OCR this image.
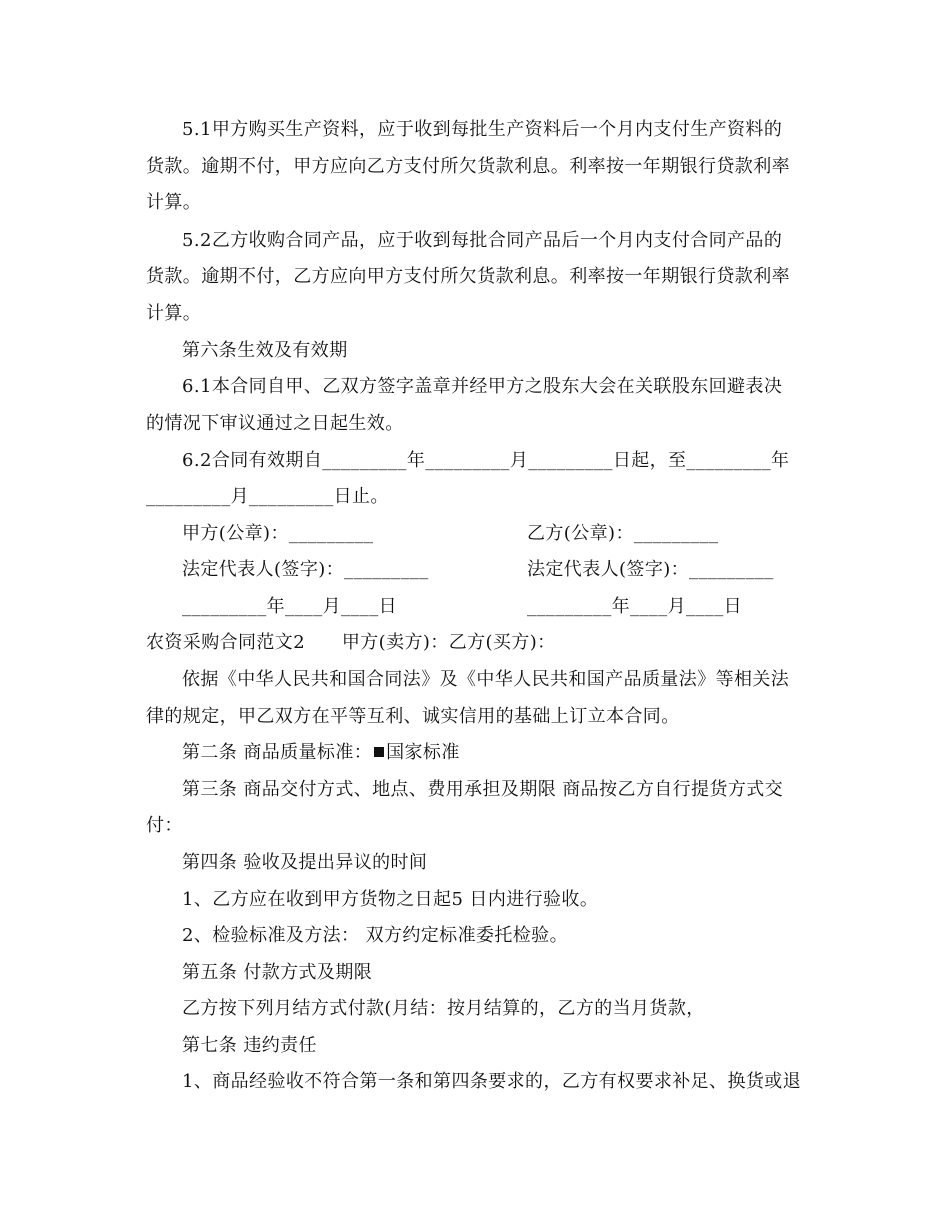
5.1甲方购买生产资料，应于收到每批生产资料后一个月内支付生产资料的
货款。逾期不付，甲方应向乙方支付所欠货款利息。利率按一年期银行贷款利率
计算。
5.2乙方收购合同产品，应于收到每批合同产品后一个月内支付合同产品的
货款。逾期不付，乙方应向甲方支付所欠货款利息。利率按一年期银行贷款利率
计算。
第六条生效及有效期
6.1本合同自甲、乙双方签字盖章并经甲方之股东大会在关联股东回避表决
的情况下审议通过之日起生效。
6.2合同有效期自_________年_________月_________日起，至_________年
_________月_________日止。
甲方(公章)：_________	乙方(公章)：_________
法定代表人(签字)：_________	法定代表人(签字)：_________
_________年____月____日	_________年____月____日
农资采购合同范文2　　甲方(卖方)：乙方(买方)：
依据《中华人民共和国合同法》及《中华人民共和国产品质量法》等相关法
律的规定，甲乙双方在平等互利、诚实信用的基础上订立本合同。
第二条 商品质量标准： 国家标准
第三条 商品交付方式、地点、费用承担及期限 商品按乙方自行提货方式交
付：
第四条 验收及提出异议的时间
1、乙方应在收到甲方货物之日起5 日内进行验收。
2、检验标准及方法： 双方约定标准委托检验。
第五条 付款方式及期限
乙方按下列月结方式付款(月结：按月结算的，乙方的当月货款，
第七条 违约责任
1、商品经验收不符合第一条和第四条要求的，乙方有权要求补足、换货或退
